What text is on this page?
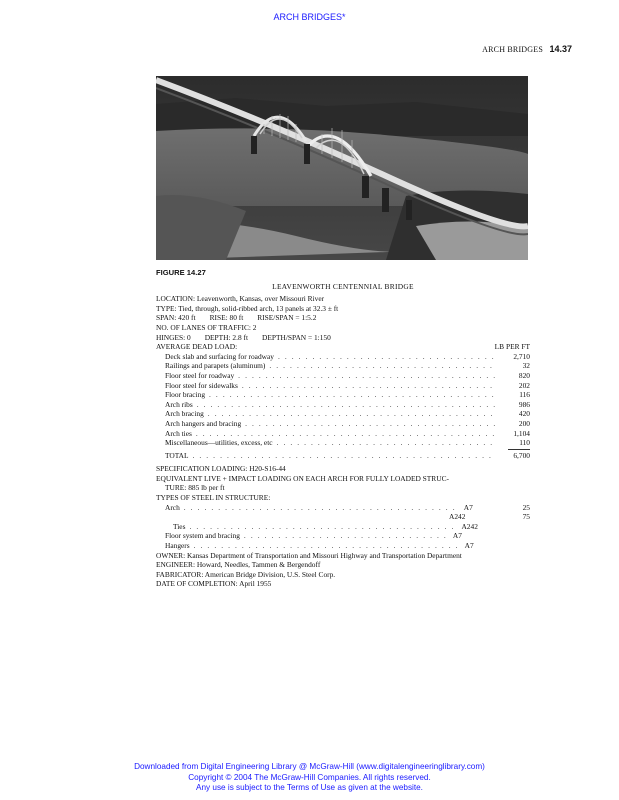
ARCH BRIDGES*
ARCH BRIDGES 14.37
FIGURE 14.27
LEAVENWORTH CENTENNIAL BRIDGE
LOCATION: Leavenworth, Kansas, over Missouri River
TYPE: Tied, through, solid-ribbed arch, 13 panels at 32.3 ± ft
SPAN: 420 ft RISE: 80 ft RISE/SPAN = 1:5.2
NO. OF LANES OF TRAFFIC: 2
HINGES: 0 DEPTH: 2.8 ft DEPTH/SPAN = 1:150
AVERAGE DEAD LOAD:	LB PER FT
Deck slab and surfacing for roadway . . .	2,710
Railings and parapets (aluminum) . . .	32
Floor steel for roadway . . .	820
Floor steel for sidewalks . . .	202
Floor bracing . . .	116
Arch ribs . . .	986
Arch bracing . . .	420
Arch hangers and bracing . . .	200
Arch ties . . .	1,104
Miscellaneous—utilities, excess, etc . . .	110
TOTAL . . .	6,700
SPECIFICATION LOADING: H20-S16-44
EQUIVALENT LIVE + IMPACT LOADING ON EACH ARCH FOR FULLY LOADED STRUC-
TURE: 885 lb per ft
TYPES OF STEEL IN STRUCTURE:
Arch . . .	A7	25
A242	75
Ties . . .	A242
Floor system and bracing . . .	A7
Hangers . . .	A7
OWNER: Kansas Department of Transportation and Missouri Highway and Transportation Department
ENGINEER: Howard, Needles, Tammen & Bergendoff
FABRICATOR: American Bridge Division, U.S. Steel Corp.
DATE OF COMPLETION: April 1955
Downloaded from Digital Engineering Library @ McGraw-Hill (www.digitalengineeringlibrary.com)
Copyright © 2004 The McGraw-Hill Companies. All rights reserved.
Any use is subject to the Terms of Use as given at the website.
